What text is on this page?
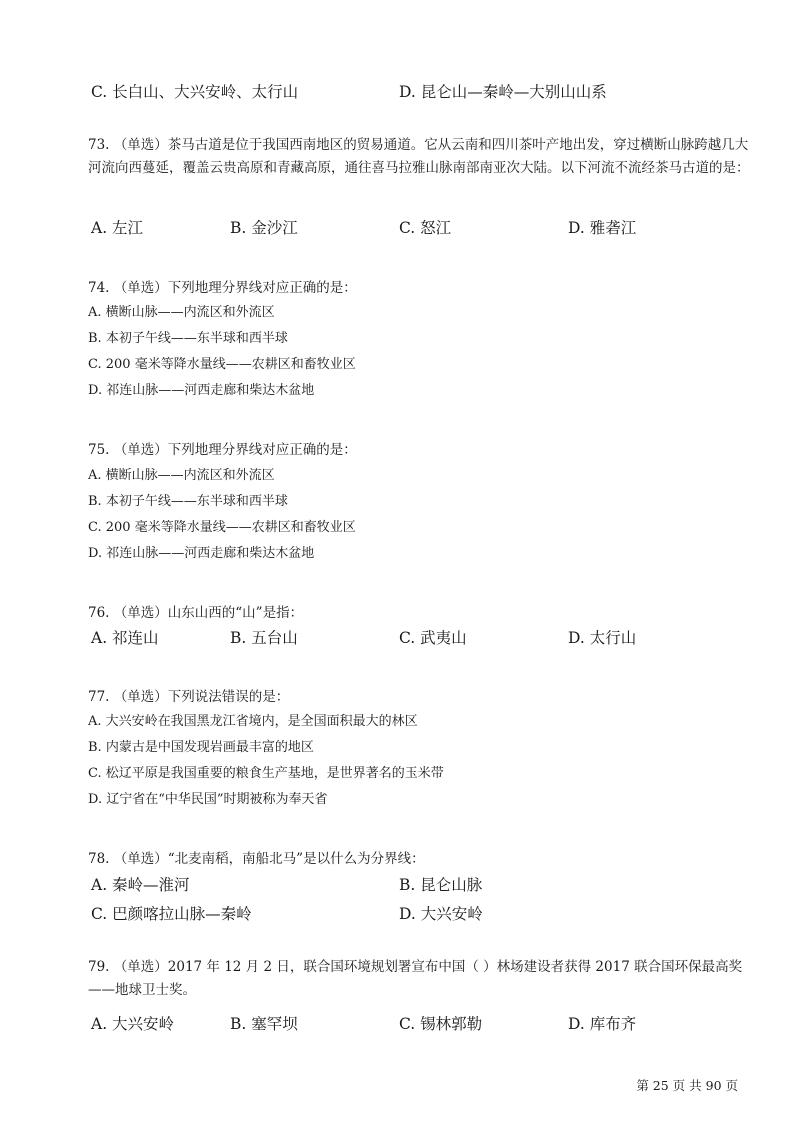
C. 长白山、大兴安岭、太行山	D. 昆仑山—秦岭—大别山山系
73. （单选）茶马古道是位于我国西南地区的贸易通道。它从云南和四川茶叶产地出发，穿过横断山脉跨越几大河流向西蔓延，覆盖云贵高原和青藏高原，通往喜马拉雅山脉南部南亚次大陆。以下河流不流经茶马古道的是：
A. 左江	B. 金沙江	C. 怒江	D. 雅砻江
74. （单选）下列地理分界线对应正确的是：
A. 横断山脉——内流区和外流区
B. 本初子午线——东半球和西半球
C. 200 毫米等降水量线——农耕区和畜牧业区
D. 祁连山脉——河西走廊和柴达木盆地
75. （单选）下列地理分界线对应正确的是：
A. 横断山脉——内流区和外流区
B. 本初子午线——东半球和西半球
C. 200 毫米等降水量线——农耕区和畜牧业区
D. 祁连山脉——河西走廊和柴达木盆地
76. （单选）山东山西的“山”是指：
A. 祁连山	B. 五台山	C. 武夷山	D. 太行山
77. （单选）下列说法错误的是：
A. 大兴安岭在我国黑龙江省境内，是全国面积最大的林区
B. 内蒙古是中国发现岩画最丰富的地区
C. 松辽平原是我国重要的粮食生产基地，是世界著名的玉米带
D. 辽宁省在“中华民国”时期被称为奉天省
78. （单选）“北麦南稻，南船北马”是以什么为分界线：
A. 秦岭—淮河	B. 昆仑山脉
C. 巴颜喀拉山脉—秦岭	D. 大兴安岭
79. （单选）2017 年 12 月 2 日，联合国环境规划署宣布中国（ ）林场建设者获得 2017 联合国环保最高奖——地球卫士奖。
A. 大兴安岭	B. 塞罕坝	C. 锡林郭勒	D. 库布齐
第 25 页 共 90 页
